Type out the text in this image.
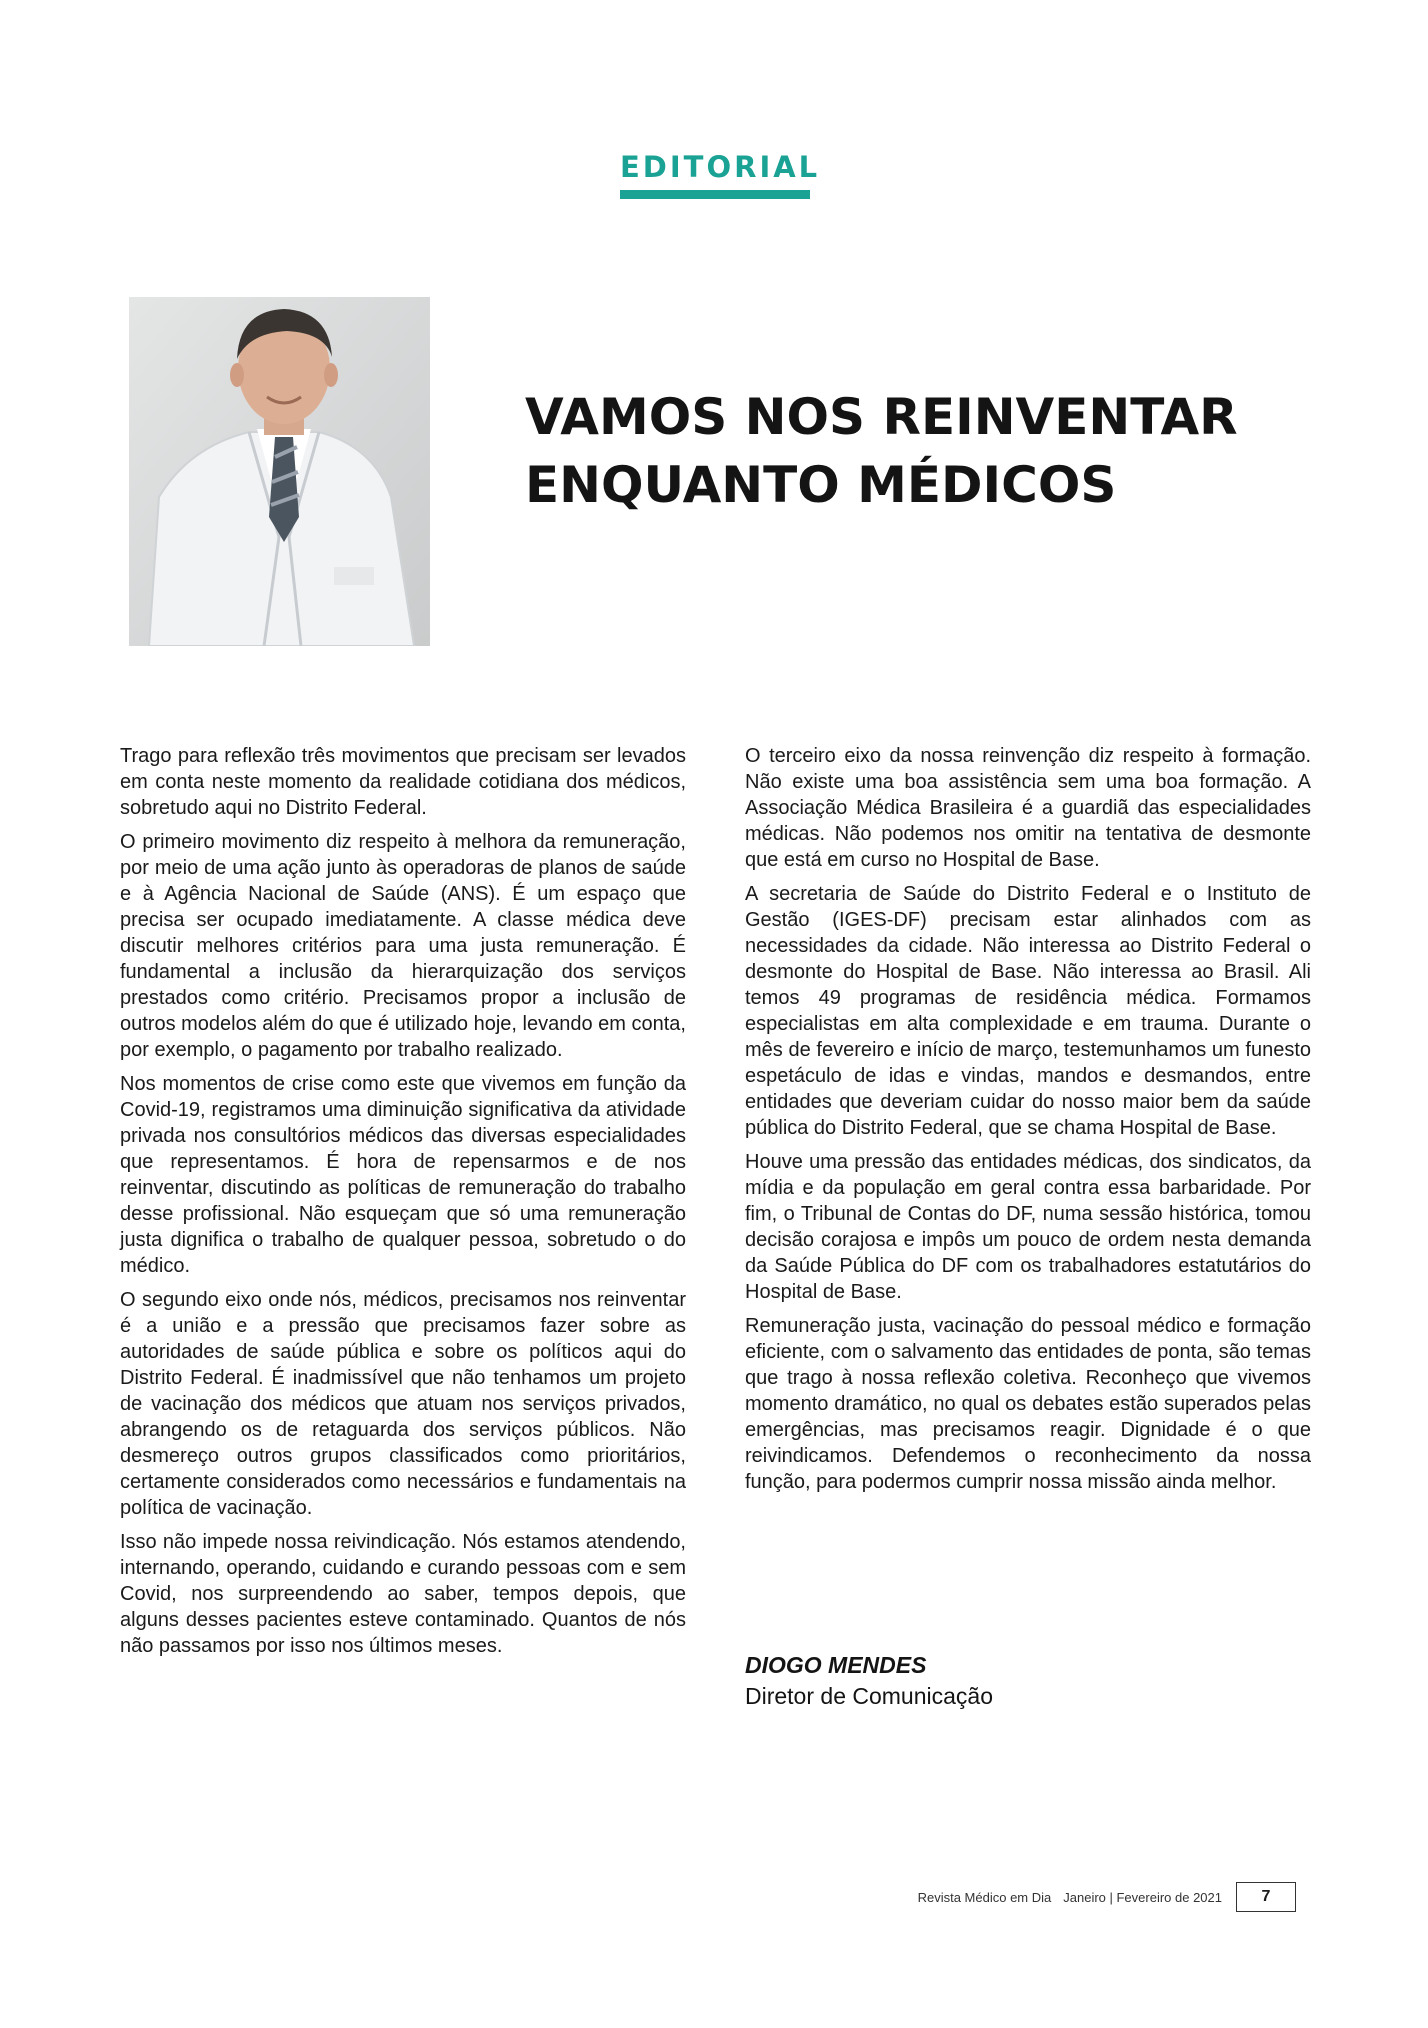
EDITORIAL
VAMOS NOS REINVENTAR
ENQUANTO MÉDICOS

Trago para reflexão três movimentos que precisam ser levados em conta neste momento da realidade cotidiana dos médicos, sobretudo aqui no Distrito Federal.

O primeiro movimento diz respeito à melhora da remuneração, por meio de uma ação junto às operadoras de planos de saúde e à Agência Nacional de Saúde (ANS). É um espaço que precisa ser ocupado imediatamente. A classe médica deve discutir melhores critérios para uma justa remuneração. É fundamental a inclusão da hierarquização dos serviços prestados como critério. Precisamos propor a inclusão de outros modelos além do que é utilizado hoje, levando em conta, por exemplo, o pagamento por trabalho realizado.

Nos momentos de crise como este que vivemos em função da Covid-19, registramos uma diminuição significativa da atividade privada nos consultórios médicos das diversas especialidades que representamos. É hora de repensarmos e de nos reinventar, discutindo as políticas de remuneração do trabalho desse profissional. Não esqueçam que só uma remuneração justa dignifica o trabalho de qualquer pessoa, sobretudo o do médico.

O segundo eixo onde nós, médicos, precisamos nos reinventar é a união e a pressão que precisamos fazer sobre as autoridades de saúde pública e sobre os políticos aqui do Distrito Federal. É inadmissível que não tenhamos um projeto de vacinação dos médicos que atuam nos serviços privados, abrangendo os de retaguarda dos serviços públicos. Não desmereço outros grupos classificados como prioritários, certamente considerados como necessários e fundamentais na política de vacinação.

Isso não impede nossa reivindicação. Nós estamos atendendo, internando, operando, cuidando e curando pessoas com e sem Covid, nos surpreendendo ao saber, tempos depois, que alguns desses pacientes esteve contaminado. Quantos de nós não passamos por isso nos últimos meses.

O terceiro eixo da nossa reinvenção diz respeito à formação. Não existe uma boa assistência sem uma boa formação. A Associação Médica Brasileira é a guardiã das especialidades médicas. Não podemos nos omitir na tentativa de desmonte que está em curso no Hospital de Base.

A secretaria de Saúde do Distrito Federal e o Instituto de Gestão (IGES-DF) precisam estar alinhados com as necessidades da cidade. Não interessa ao Distrito Federal o desmonte do Hospital de Base. Não interessa ao Brasil. Ali temos 49 programas de residência médica. Formamos especialistas em alta complexidade e em trauma. Durante o mês de fevereiro e início de março, testemunhamos um funesto espetáculo de idas e vindas, mandos e desmandos, entre entidades que deveriam cuidar do nosso maior bem da saúde pública do Distrito Federal, que se chama Hospital de Base.

Houve uma pressão das entidades médicas, dos sindicatos, da mídia e da população em geral contra essa barbaridade. Por fim, o Tribunal de Contas do DF, numa sessão histórica, tomou decisão corajosa e impôs um pouco de ordem nesta demanda da Saúde Pública do DF com os trabalhadores estatutários do Hospital de Base.

Remuneração justa, vacinação do pessoal médico e formação eficiente, com o salvamento das entidades de ponta, são temas que trago à nossa reflexão coletiva. Reconheço que vivemos momento dramático, no qual os debates estão superados pelas emergências, mas precisamos reagir. Dignidade é o que reivindicamos. Defendemos o reconhecimento da nossa função, para podermos cumprir nossa missão ainda melhor.

DIOGO MENDES
Diretor de Comunicação
Revista Médico em Dia Janeiro | Fevereiro de 2021	7
